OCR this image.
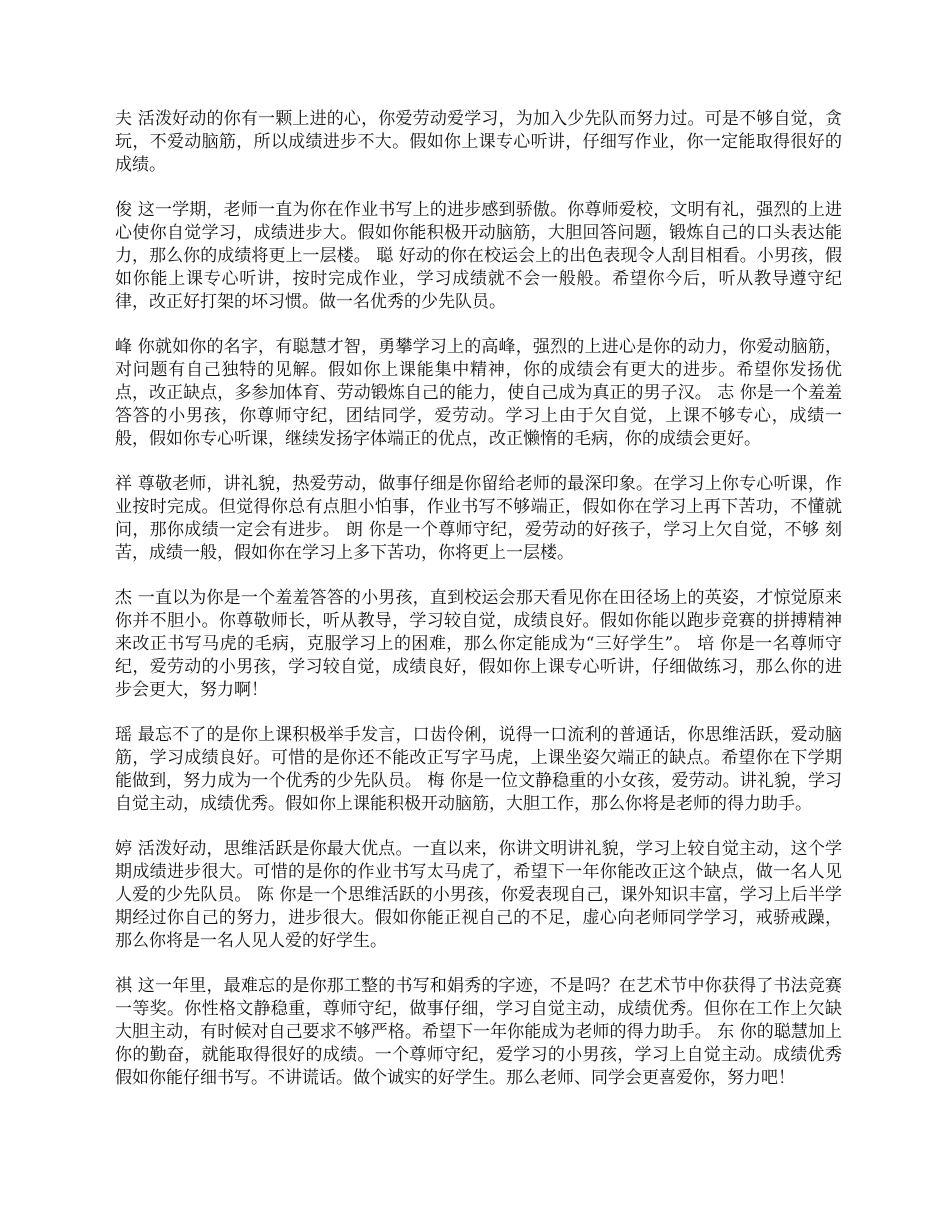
夫 活泼好动的你有一颗上进的心，你爱劳动爱学习，为加入少先队而努力过。可是不够自觉，贪玩，不爱动脑筋，所以成绩进步不大。假如你上课专心听讲，仔细写作业，你一定能取得很好的成绩。

俊 这一学期，老师一直为你在作业书写上的进步感到骄傲。你尊师爱校，文明有礼，强烈的上进心使你自觉学习，成绩进步大。假如你能积极开动脑筋，大胆回答问题，锻炼自己的口头表达能力，那么你的成绩将更上一层楼。 聪 好动的你在校运会上的出色表现令人刮目相看。小男孩，假如你能上课专心听讲，按时完成作业，学习成绩就不会一般般。希望你今后，听从教导遵守纪律，改正好打架的坏习惯。做一名优秀的少先队员。

峰 你就如你的名字，有聪慧才智，勇攀学习上的高峰，强烈的上进心是你的动力，你爱动脑筋，对问题有自己独特的见解。假如你上课能集中精神，你的成绩会有更大的进步。希望你发扬优点，改正缺点，多参加体育、劳动锻炼自己的能力，使自己成为真正的男子汉。 志 你是一个羞羞答答的小男孩，你尊师守纪，团结同学，爱劳动。学习上由于欠自觉，上课不够专心，成绩一般，假如你专心听课，继续发扬字体端正的优点，改正懒惰的毛病，你的成绩会更好。

祥 尊敬老师，讲礼貌，热爱劳动，做事仔细是你留给老师的最深印象。在学习上你专心听课，作业按时完成。但觉得你总有点胆小怕事，作业书写不够端正，假如你在学习上再下苦功，不懂就问，那你成绩一定会有进步。 朗 你是一个尊师守纪，爱劳动的好孩子，学习上欠自觉，不够 刻苦，成绩一般，假如你在学习上多下苦功，你将更上一层楼。

杰 一直以为你是一个羞羞答答的小男孩，直到校运会那天看见你在田径场上的英姿，才惊觉原来你并不胆小。你尊敬师长，听从教导，学习较自觉，成绩良好。假如你能以跑步竞赛的拼搏精神来改正书写马虎的毛病，克服学习上的困难，那么你定能成为“三好学生”。 培 你是一名尊师守纪，爱劳动的小男孩，学习较自觉，成绩良好，假如你上课专心听讲，仔细做练习，那么你的进步会更大，努力啊！

瑶 最忘不了的是你上课积极举手发言，口齿伶俐，说得一口流利的普通话，你思维活跃，爱动脑筋，学习成绩良好。可惜的是你还不能改正写字马虎，上课坐姿欠端正的缺点。希望你在下学期能做到，努力成为一个优秀的少先队员。 梅 你是一位文静稳重的小女孩，爱劳动。讲礼貌，学习自觉主动，成绩优秀。假如你上课能积极开动脑筋，大胆工作，那么你将是老师的得力助手。

婷 活泼好动，思维活跃是你最大优点。一直以来，你讲文明讲礼貌，学习上较自觉主动，这个学期成绩进步很大。可惜的是你的作业书写太马虎了，希望下一年你能改正这个缺点，做一名人见人爱的少先队员。 陈 你是一个思维活跃的小男孩，你爱表现自己，课外知识丰富，学习上后半学期经过你自己的努力，进步很大。假如你能正视自己的不足，虚心向老师同学学习，戒骄戒躁，那么你将是一名人见人爱的好学生。

祺 这一年里，最难忘的是你那工整的书写和娟秀的字迹，不是吗？在艺术节中你获得了书法竞赛一等奖。你性格文静稳重，尊师守纪，做事仔细，学习自觉主动，成绩优秀。但你在工作上欠缺大胆主动，有时候对自己要求不够严格。希望下一年你能成为老师的得力助手。 东 你的聪慧加上你的勤奋，就能取得很好的成绩。一个尊师守纪，爱学习的小男孩，学习上自觉主动。成绩优秀假如你能仔细书写。不讲谎话。做个诚实的好学生。那么老师、同学会更喜爱你，努力吧！
